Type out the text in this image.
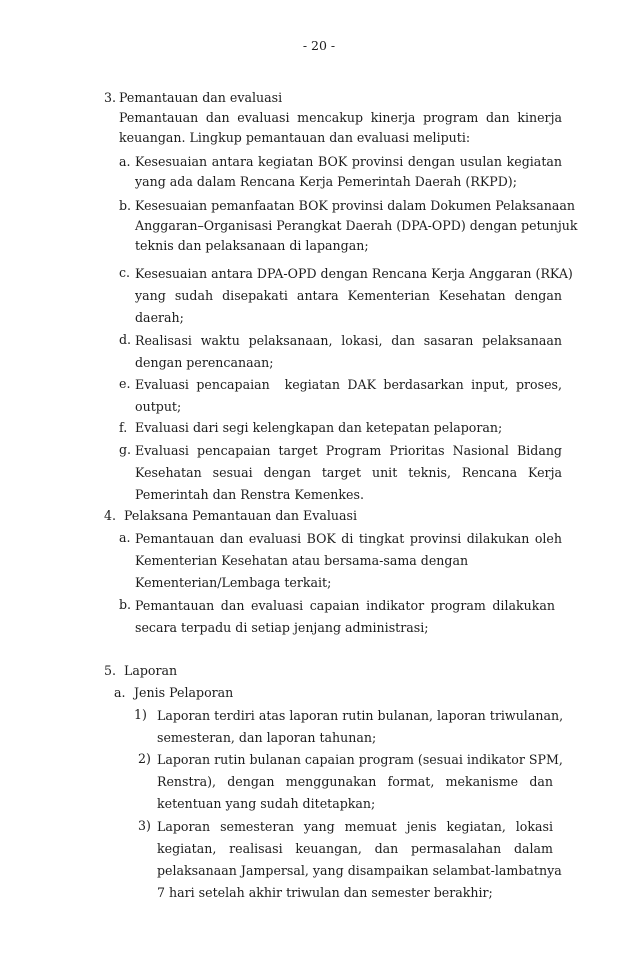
- 20 -
3. Pemantauan dan evaluasi
Pemantauan dan evaluasi mencakup kinerja program dan kinerja
keuangan. Lingkup pemantauan dan evaluasi meliputi:
a. Kesesuaian antara kegiatan BOK provinsi dengan usulan kegiatan
yang ada dalam Rencana Kerja Pemerintah Daerah (RKPD);
b. Kesesuaian pemanfaatan BOK provinsi dalam Dokumen Pelaksanaan
Anggaran–Organisasi Perangkat Daerah (DPA-OPD) dengan petunjuk
teknis dan pelaksanaan di lapangan;
c. Kesesuaian antara DPA-OPD dengan Rencana Kerja Anggaran (RKA)
yang sudah disepakati antara Kementerian Kesehatan dengan
daerah;
d. Realisasi waktu pelaksanaan, lokasi, dan sasaran pelaksanaan
dengan perencanaan;
e. Evaluasi pencapaian  kegiatan DAK berdasarkan input, proses,
output;
f. Evaluasi dari segi kelengkapan dan ketepatan pelaporan;
g. Evaluasi pencapaian target Program Prioritas Nasional Bidang
Kesehatan sesuai dengan target unit teknis, Rencana Kerja
Pemerintah dan Renstra Kemenkes.
4. Pelaksana Pemantauan dan Evaluasi
a. Pemantauan dan evaluasi BOK di tingkat provinsi dilakukan oleh
Kementerian Kesehatan atau bersama-sama dengan
Kementerian/Lembaga terkait;
b. Pemantauan dan evaluasi capaian indikator program dilakukan
secara terpadu di setiap jenjang administrasi;
5. Laporan
a. Jenis Pelaporan
1) Laporan terdiri atas laporan rutin bulanan, laporan triwulanan,
semesteran, dan laporan tahunan;
2) Laporan rutin bulanan capaian program (sesuai indikator SPM,
Renstra), dengan menggunakan format, mekanisme dan
ketentuan yang sudah ditetapkan;
3) Laporan semesteran yang memuat jenis kegiatan, lokasi
kegiatan, realisasi keuangan, dan permasalahan dalam
pelaksanaan Jampersal, yang disampaikan selambat-lambatnya
7 hari setelah akhir triwulan dan semester berakhir;
